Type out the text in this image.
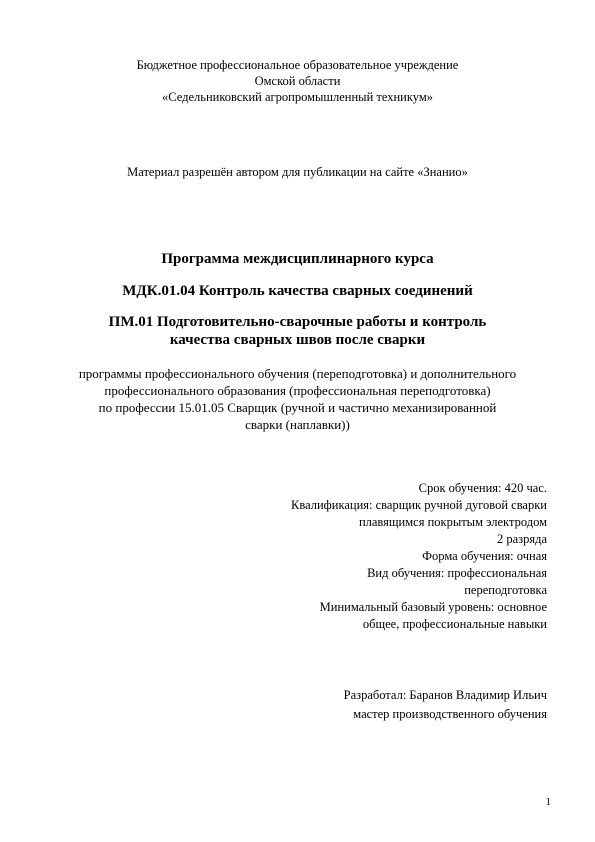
Бюджетное профессиональное образовательное учреждение
Омской области
«Седельниковский агропромышленный техникум»
Материал разрешён автором для публикации на сайте «Знанио»
Программа междисциплинарного курса
МДК.01.04 Контроль качества сварных соединений
ПМ.01 Подготовительно-сварочные работы и контроль
качества сварных швов после сварки
программы профессионального обучения (переподготовка) и дополнительного
профессионального образования (профессиональная переподготовка)
по профессии 15.01.05 Сварщик (ручной и частично механизированной
сварки (наплавки))
Срок обучения: 420 час.
Квалификация: сварщик ручной дуговой сварки
плавящимся покрытым электродом
2 разряда
Форма обучения: очная
Вид обучения: профессиональная
переподготовка
Минимальный базовый уровень: основное
общее, профессиональные навыки
Разработал: Баранов Владимир Ильич
мастер производственного обучения
1
